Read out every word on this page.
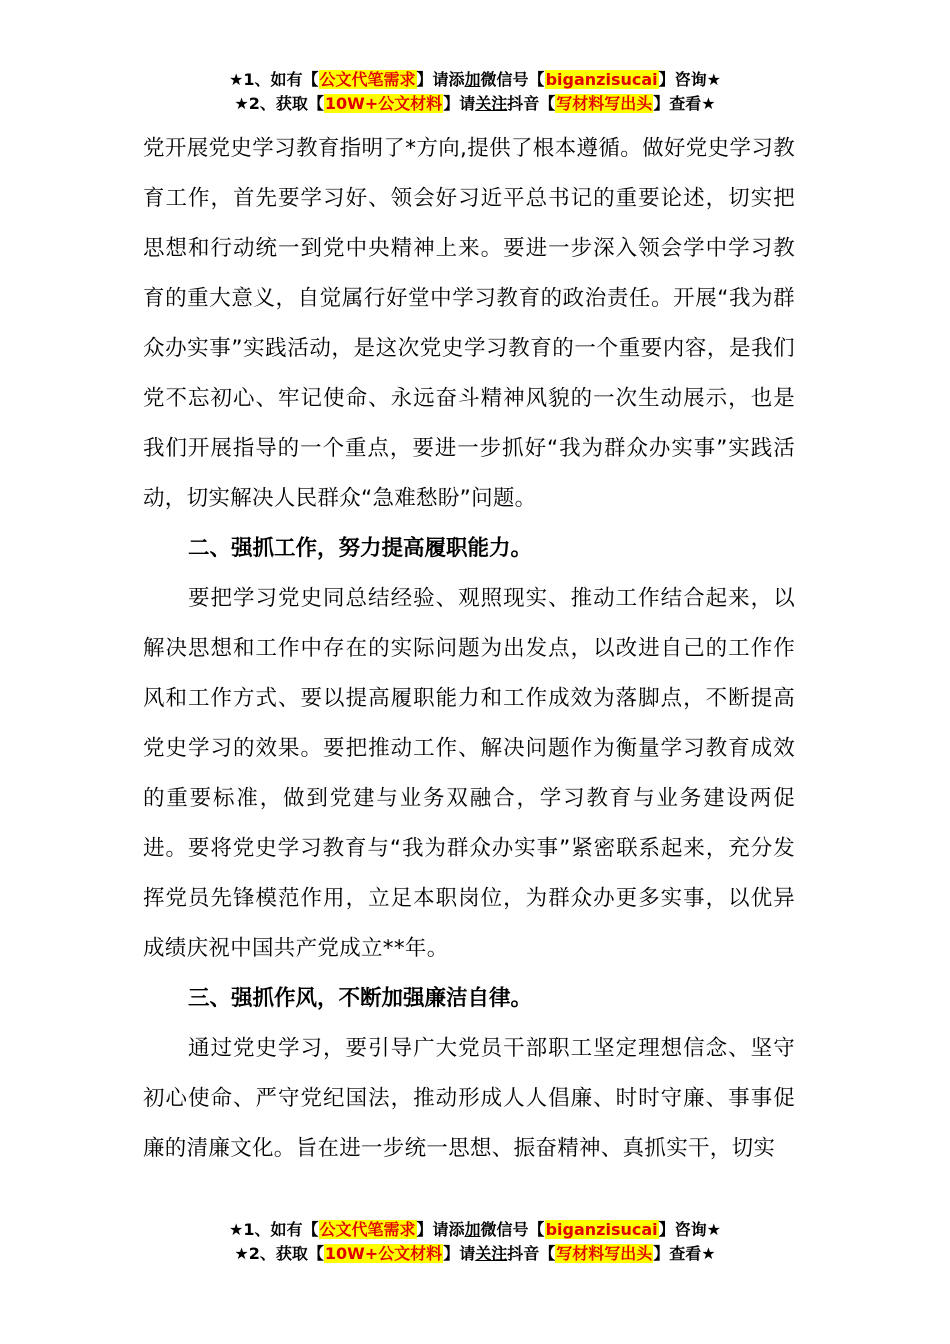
★1、如有【公文代笔需求】请添加微信号【biganzisucai】咨询★
★2、获取【10W+公文材料】请关注抖音【写材料写出头】查看★

党开展党史学习教育指明了*方向,提供了根本遵循。做好党史学习教育工作，首先要学习好、领会好习近平总书记的重要论述，切实把思想和行动统一到党中央精神上来。要进一步深入领会学中学习教育的重大意义，自觉属行好堂中学习教育的政治责任。开展“我为群众办实事”实践活动，是这次党史学习教育的一个重要内容，是我们党不忘初心、牢记使命、永远奋斗精神风貌的一次生动展示，也是我们开展指导的一个重点，要进一步抓好“我为群众办实事”实践活动，切实解决人民群众“急难愁盼”问题。

二、强抓工作，努力提高履职能力。

要把学习党史同总结经验、观照现实、推动工作结合起来，以解决思想和工作中存在的实际问题为出发点，以改进自己的工作作风和工作方式、要以提高履职能力和工作成效为落脚点，不断提高党史学习的效果。要把推动工作、解决问题作为衡量学习教育成效的重要标准，做到党建与业务双融合，学习教育与业务建设两促进。要将党史学习教育与“我为群众办实事”紧密联系起来，充分发挥党员先锋模范作用，立足本职岗位，为群众办更多实事，以优异成绩庆祝中国共产党成立**年。

三、强抓作风，不断加强廉洁自律。

通过党史学习，要引导广大党员干部职工坚定理想信念、坚守初心使命、严守党纪国法，推动形成人人倡廉、时时守廉、事事促廉的清廉文化。旨在进一步统一思想、振奋精神、真抓实干，切实

★1、如有【公文代笔需求】请添加微信号【biganzisucai】咨询★
★2、获取【10W+公文材料】请关注抖音【写材料写出头】查看★
